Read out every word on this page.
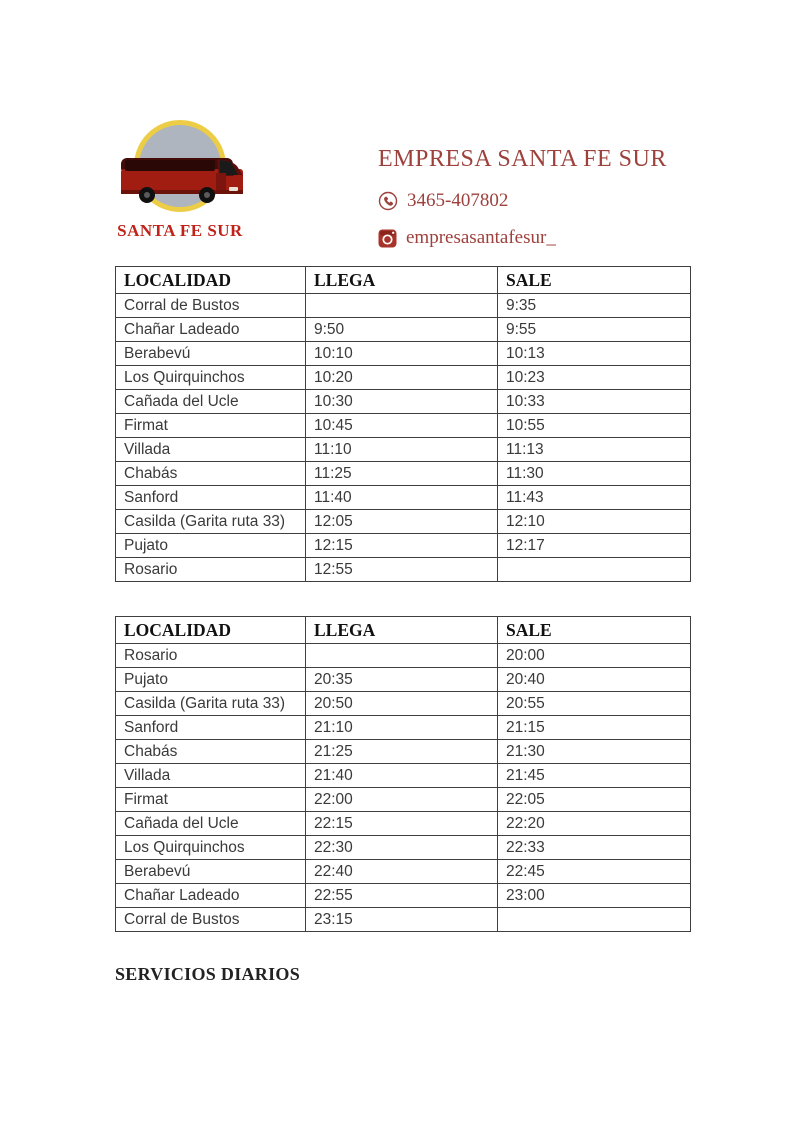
SANTA FE SUR
EMPRESA SANTA FE SUR
3465-407802
empresasantafesur_
LOCALIDAD	LLEGA	SALE
Corral de Bustos		9:35
Chañar Ladeado	9:50	9:55
Berabevú	10:10	10:13
Los Quirquinchos	10:20	10:23
Cañada del Ucle	10:30	10:33
Firmat	10:45	10:55
Villada	11:10	11:13
Chabás	11:25	11:30
Sanford	11:40	11:43
Casilda (Garita ruta 33)	12:05	12:10
Pujato	12:15	12:17
Rosario	12:55	
LOCALIDAD	LLEGA	SALE
Rosario		20:00
Pujato	20:35	20:40
Casilda (Garita ruta 33)	20:50	20:55
Sanford	21:10	21:15
Chabás	21:25	21:30
Villada	21:40	21:45
Firmat	22:00	22:05
Cañada del Ucle	22:15	22:20
Los Quirquinchos	22:30	22:33
Berabevú	22:40	22:45
Chañar Ladeado	22:55	23:00
Corral de Bustos	23:15	
SERVICIOS DIARIOS
